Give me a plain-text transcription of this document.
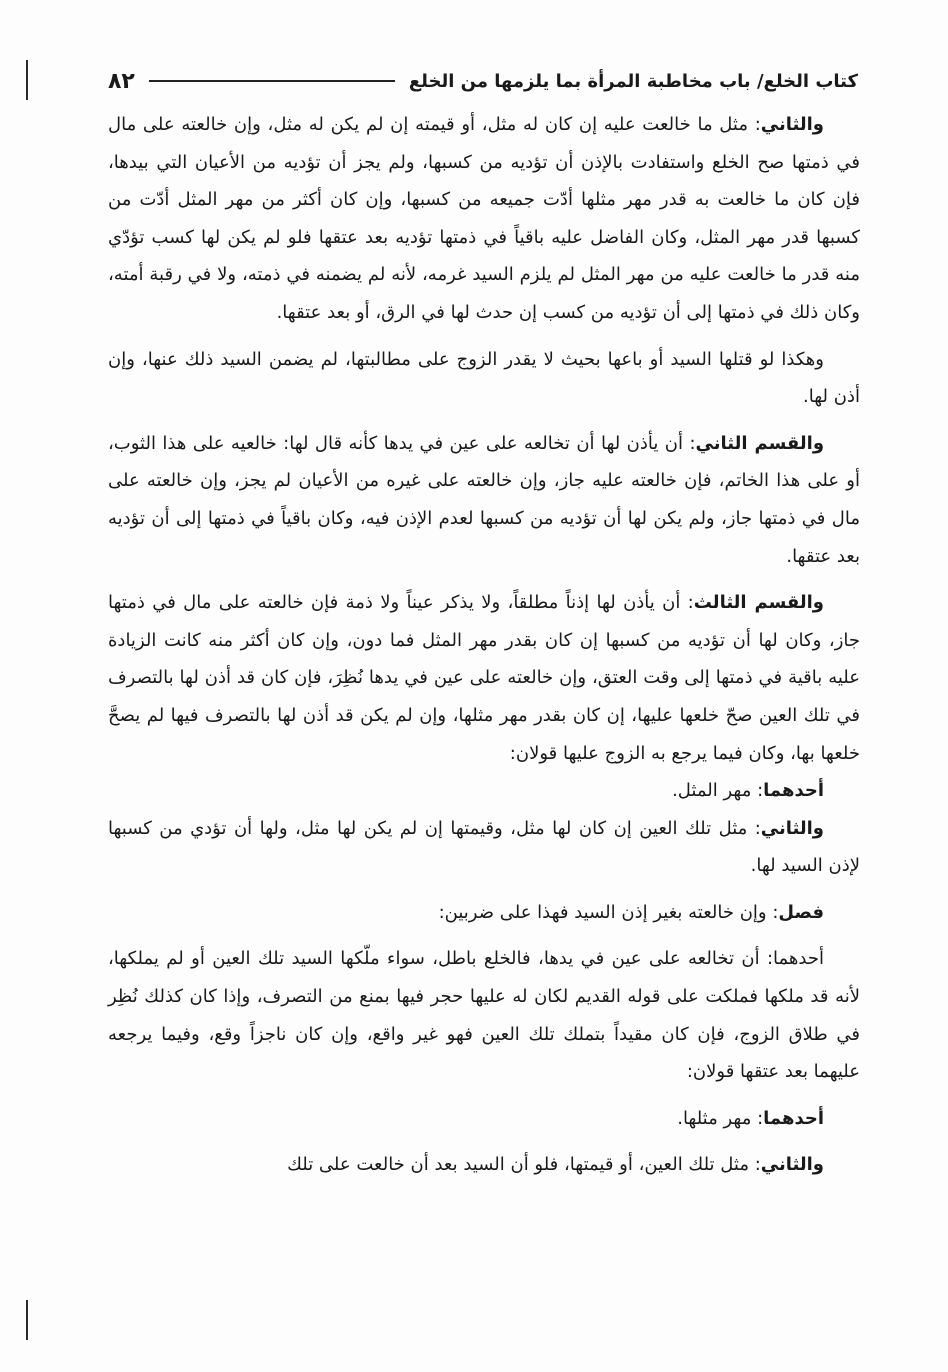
كتاب الخلع/ باب مخاطبة المرأة بما يلزمها من الخلع
٨٢

والثاني: مثل ما خالعت عليه إن كان له مثل، أو قيمته إن لم يكن له مثل، وإن خالعته على مال في ذمتها صح الخلع واستفادت بالإذن أن تؤديه من كسبها، ولم يجز أن تؤديه من الأعيان التي بيدها، فإن كان ما خالعت به قدر مهر مثلها أدّت جميعه من كسبها، وإن كان أكثر من مهر المثل أدّت من كسبها قدر مهر المثل، وكان الفاضل عليه باقياً في ذمتها تؤديه بعد عتقها فلو لم يكن لها كسب تؤدّي منه قدر ما خالعت عليه من مهر المثل لم يلزم السيد غرمه، لأنه لم يضمنه في ذمته، ولا في رقبة أمته، وكان ذلك في ذمتها إلى أن تؤديه من كسب إن حدث لها في الرق، أو بعد عتقها.

وهكذا لو قتلها السيد أو باعها بحيث لا يقدر الزوج على مطالبتها، لم يضمن السيد ذلك عنها، وإن أذن لها.

والقسم الثاني: أن يأذن لها أن تخالعه على عين في يدها كأنه قال لها: خالعيه على هذا الثوب، أو على هذا الخاتم، فإن خالعته عليه جاز، وإن خالعته على غيره من الأعيان لم يجز، وإن خالعته على مال في ذمتها جاز، ولم يكن لها أن تؤديه من كسبها لعدم الإذن فيه، وكان باقياً في ذمتها إلى أن تؤديه بعد عتقها.

والقسم الثالث: أن يأذن لها إذناً مطلقاً، ولا يذكر عيناً ولا ذمة فإن خالعته على مال في ذمتها جاز، وكان لها أن تؤديه من كسبها إن كان بقدر مهر المثل فما دون، وإن كان أكثر منه كانت الزيادة عليه باقية في ذمتها إلى وقت العتق، وإن خالعته على عين في يدها نُظِرَ، فإن كان قد أذن لها بالتصرف في تلك العين صحّ خلعها عليها، إن كان بقدر مهر مثلها، وإن لم يكن قد أذن لها بالتصرف فيها لم يصحَّ خلعها بها، وكان فيما يرجع به الزوج عليها قولان:

أحدهما: مهر المثل.

والثاني: مثل تلك العين إن كان لها مثل، وقيمتها إن لم يكن لها مثل، ولها أن تؤدي من كسبها لإذن السيد لها.

فصل: وإن خالعته بغير إذن السيد فهذا على ضربين:

أحدهما: أن تخالعه على عين في يدها، فالخلع باطل، سواء ملّكها السيد تلك العين أو لم يملكها، لأنه قد ملكها فملكت على قوله القديم لكان له عليها حجر فيها بمنع من التصرف، وإذا كان كذلك نُظِر في طلاق الزوج، فإن كان مقيداً بتملك تلك العين فهو غير واقع، وإن كان ناجزاً وقع، وفيما يرجعه عليهما بعد عتقها قولان:

أحدهما: مهر مثلها.

والثاني: مثل تلك العين، أو قيمتها، فلو أن السيد بعد أن خالعت على تلك
